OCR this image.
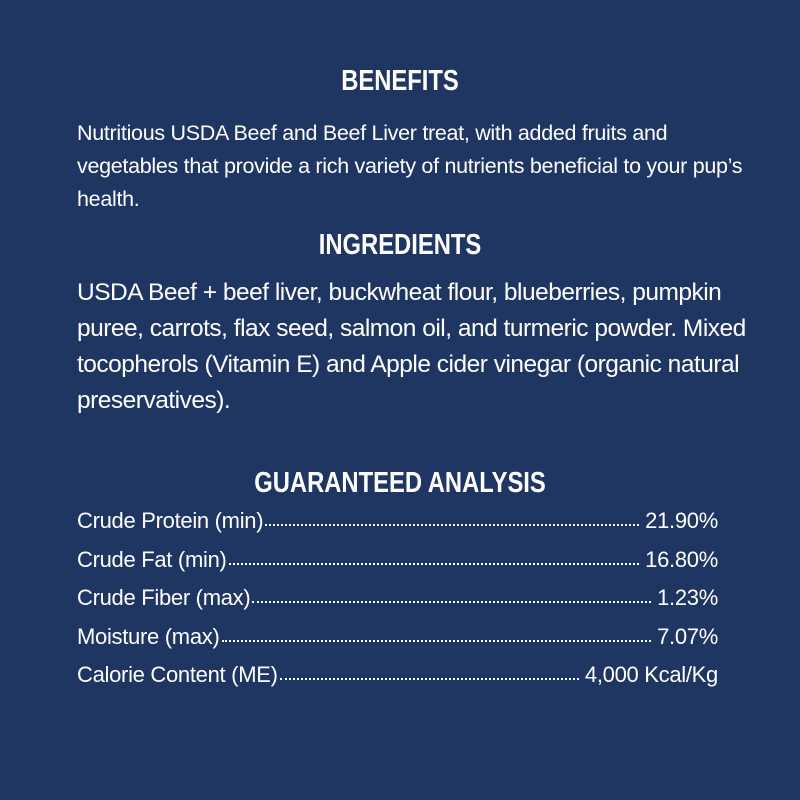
BENEFITS

Nutritious USDA Beef and Beef Liver treat, with added fruits and vegetables that provide a rich variety of nutrients beneficial to your pup’s health.

INGREDIENTS

USDA Beef + beef liver, buckwheat flour, blueberries, pumpkin puree, carrots, flax seed, salmon oil, and turmeric powder. Mixed tocopherols (Vitamin E) and Apple cider vinegar (organic natural preservatives).

GUARANTEED ANALYSIS
Crude Protein (min)	21.90%
Crude Fat (min)	16.80%
Crude Fiber (max)	1.23%
Moisture (max)	7.07%
Calorie Content (ME)	4,000 Kcal/Kg
